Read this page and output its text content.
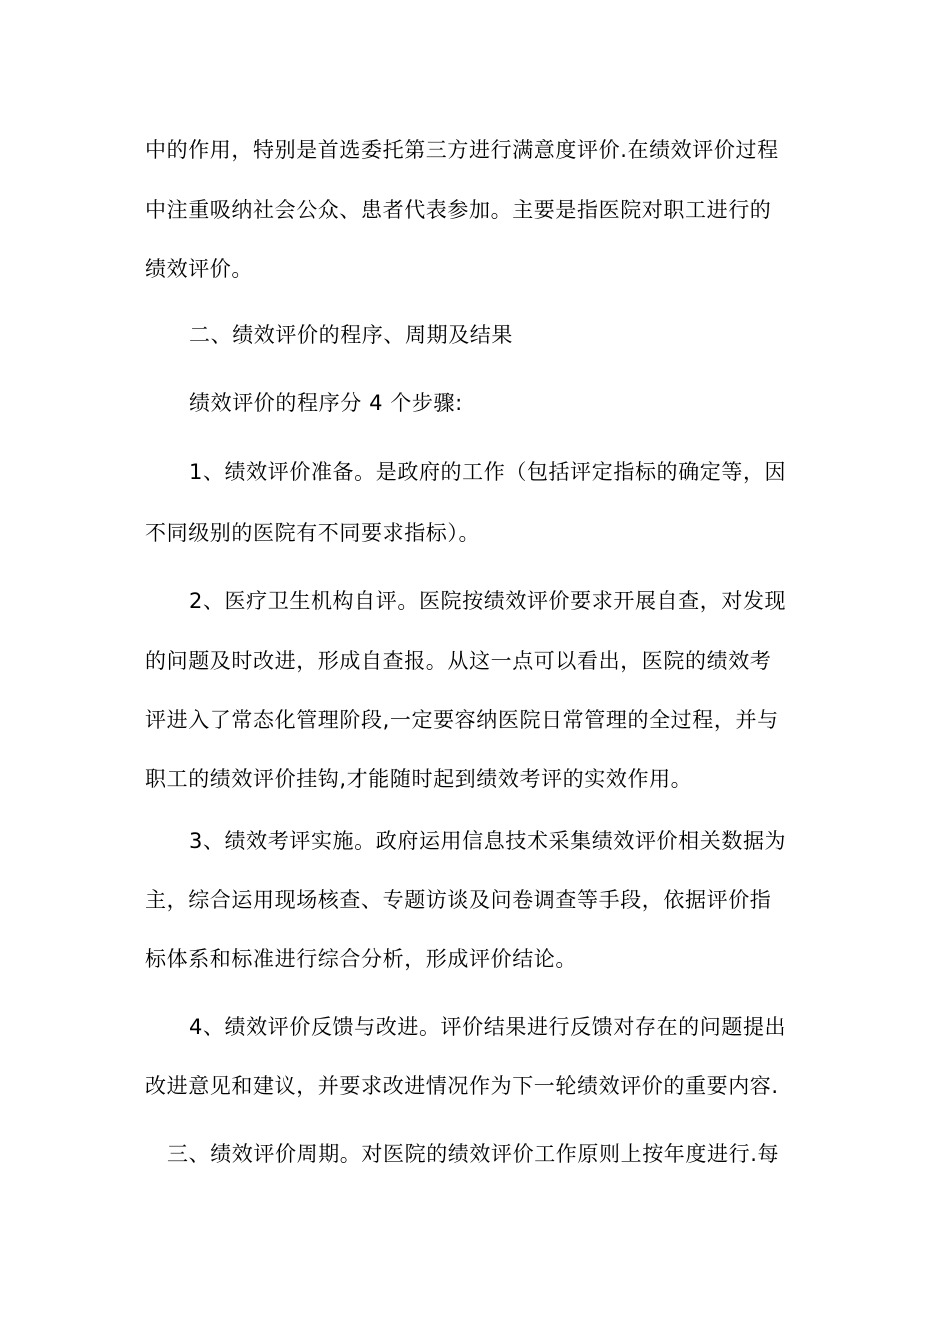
中的作用，特别是首选委托第三方进行满意度评价.在绩效评价过程
中注重吸纳社会公众、患者代表参加。主要是指医院对职工进行的
绩效评价。
二、绩效评价的程序、周期及结果
绩效评价的程序分 4 个步骤:
1、绩效评价准备。是政府的工作（包括评定指标的确定等，因
不同级别的医院有不同要求指标）。
2、医疗卫生机构自评。医院按绩效评价要求开展自查，对发现
的问题及时改进，形成自查报。从这一点可以看出，医院的绩效考
评进入了常态化管理阶段,一定要容纳医院日常管理的全过程，并与
职工的绩效评价挂钩,才能随时起到绩效考评的实效作用。
3、绩效考评实施。政府运用信息技术采集绩效评价相关数据为
主，综合运用现场核查、专题访谈及问卷调查等手段，依据评价指
标体系和标准进行综合分析，形成评价结论。
4、绩效评价反馈与改进。评价结果进行反馈对存在的问题提出
改进意见和建议，并要求改进情况作为下一轮绩效评价的重要内容.
三、绩效评价周期。对医院的绩效评价工作原则上按年度进行.每
